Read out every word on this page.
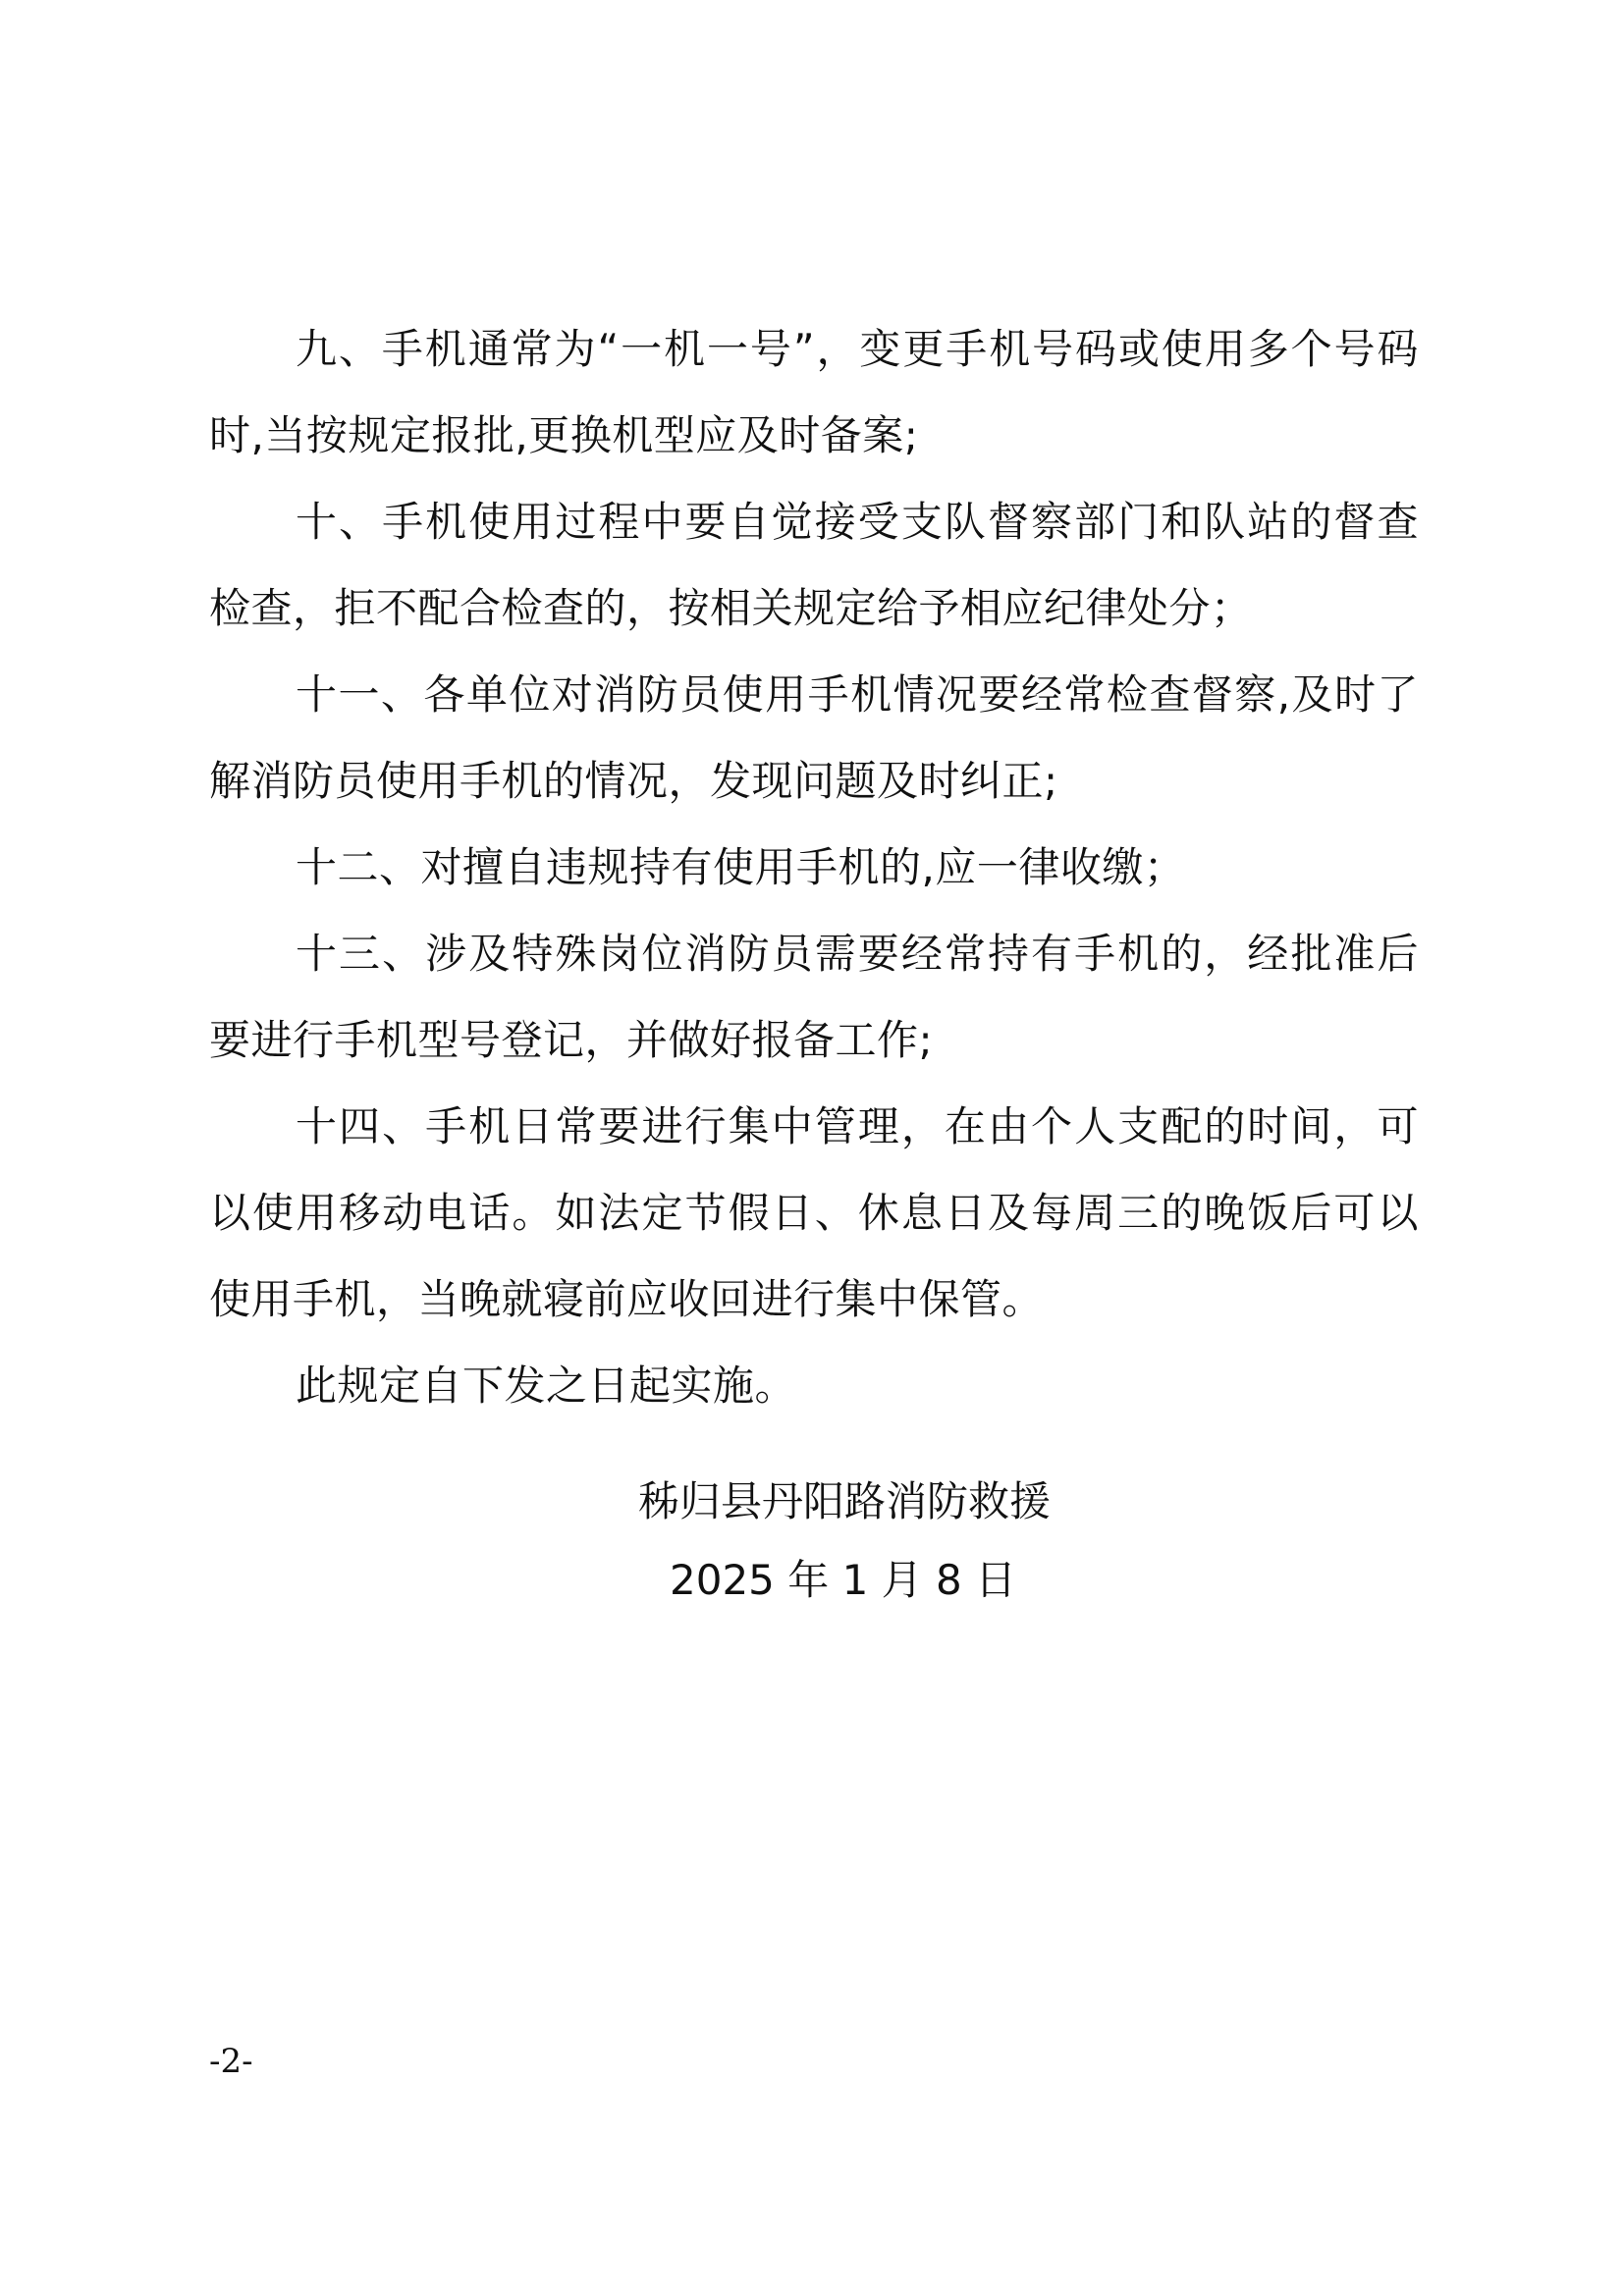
九、手机通常为“一机一号”，变更手机号码或使用多个号码时,当按规定报批,更换机型应及时备案;

十、手机使用过程中要自觉接受支队督察部门和队站的督查检查，拒不配合检查的，按相关规定给予相应纪律处分；

十一、各单位对消防员使用手机情况要经常检查督察,及时了解消防员使用手机的情况，发现问题及时纠正;

十二、对擅自违规持有使用手机的,应一律收缴；

十三、涉及特殊岗位消防员需要经常持有手机的，经批准后要进行手机型号登记，并做好报备工作;

十四、手机日常要进行集中管理，在由个人支配的时间，可以使用移动电话。如法定节假日、休息日及每周三的晚饭后可以使用手机，当晚就寝前应收回进行集中保管。

此规定自下发之日起实施。

秭归县丹阳路消防救援
2025 年 1 月 8 日
-2-
